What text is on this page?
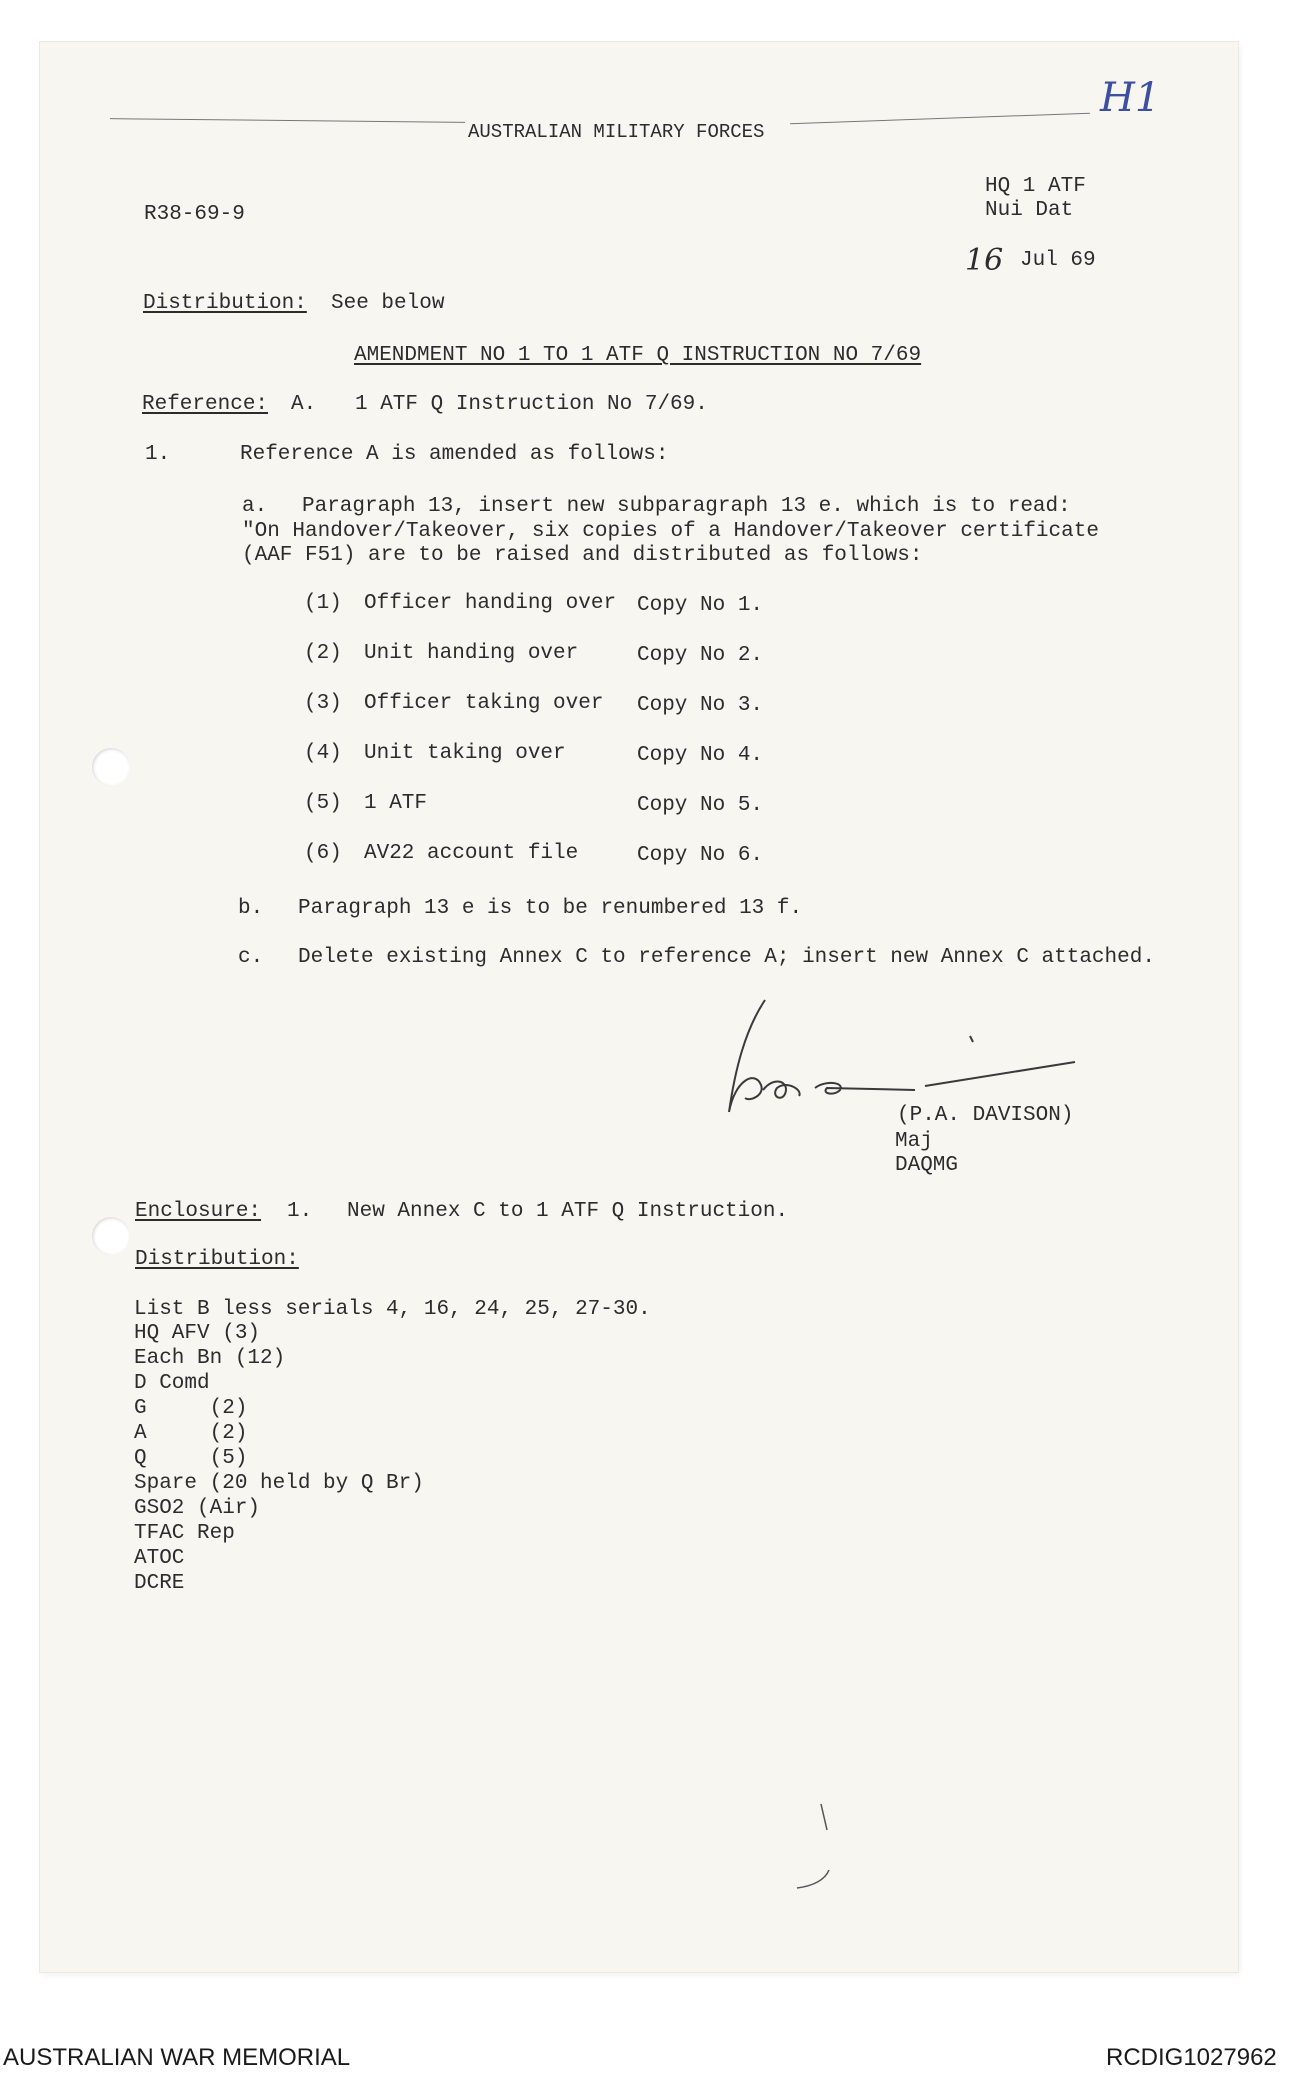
AUSTRALIAN MILITARY FORCES
H1
R38-69-9
HQ 1 ATF
Nui Dat
16 Jul 69
Distribution: See below
AMENDMENT NO 1 TO 1 ATF Q INSTRUCTION NO 7/69
Reference: A. 1 ATF Q Instruction No 7/69.
1.	Reference A is amended as follows:
a. Paragraph 13, insert new subparagraph 13 e. which is to read:
"On Handover/Takeover, six copies of a Handover/Takeover certificate
(AAF F51) are to be raised and distributed as follows:
(1) Officer handing over Copy No 1.
(2) Unit handing over	Copy No 2.
(3) Officer taking over Copy No 3.
(4) Unit taking over	Copy No 4.
(5) 1 ATF	Copy No 5.
(6) AV22 account file	Copy No 6.
b. Paragraph 13 e is to be renumbered 13 f.
c. Delete existing Annex C to reference A; insert new Annex C attached.
(P.A. DAVISON)
Maj
DAQMG
Enclosure: 1. New Annex C to 1 ATF Q Instruction.
Distribution:
List B less serials 4, 16, 24, 25, 27-30.
HQ AFV (3)
Each Bn (12)
D Comd
G     (2)
A     (2)
Q     (5)
Spare (20 held by Q Br)
GSO2 (Air)
TFAC Rep
ATOC
DCRE
AUSTRALIAN WAR MEMORIAL	RCDIG1027962
